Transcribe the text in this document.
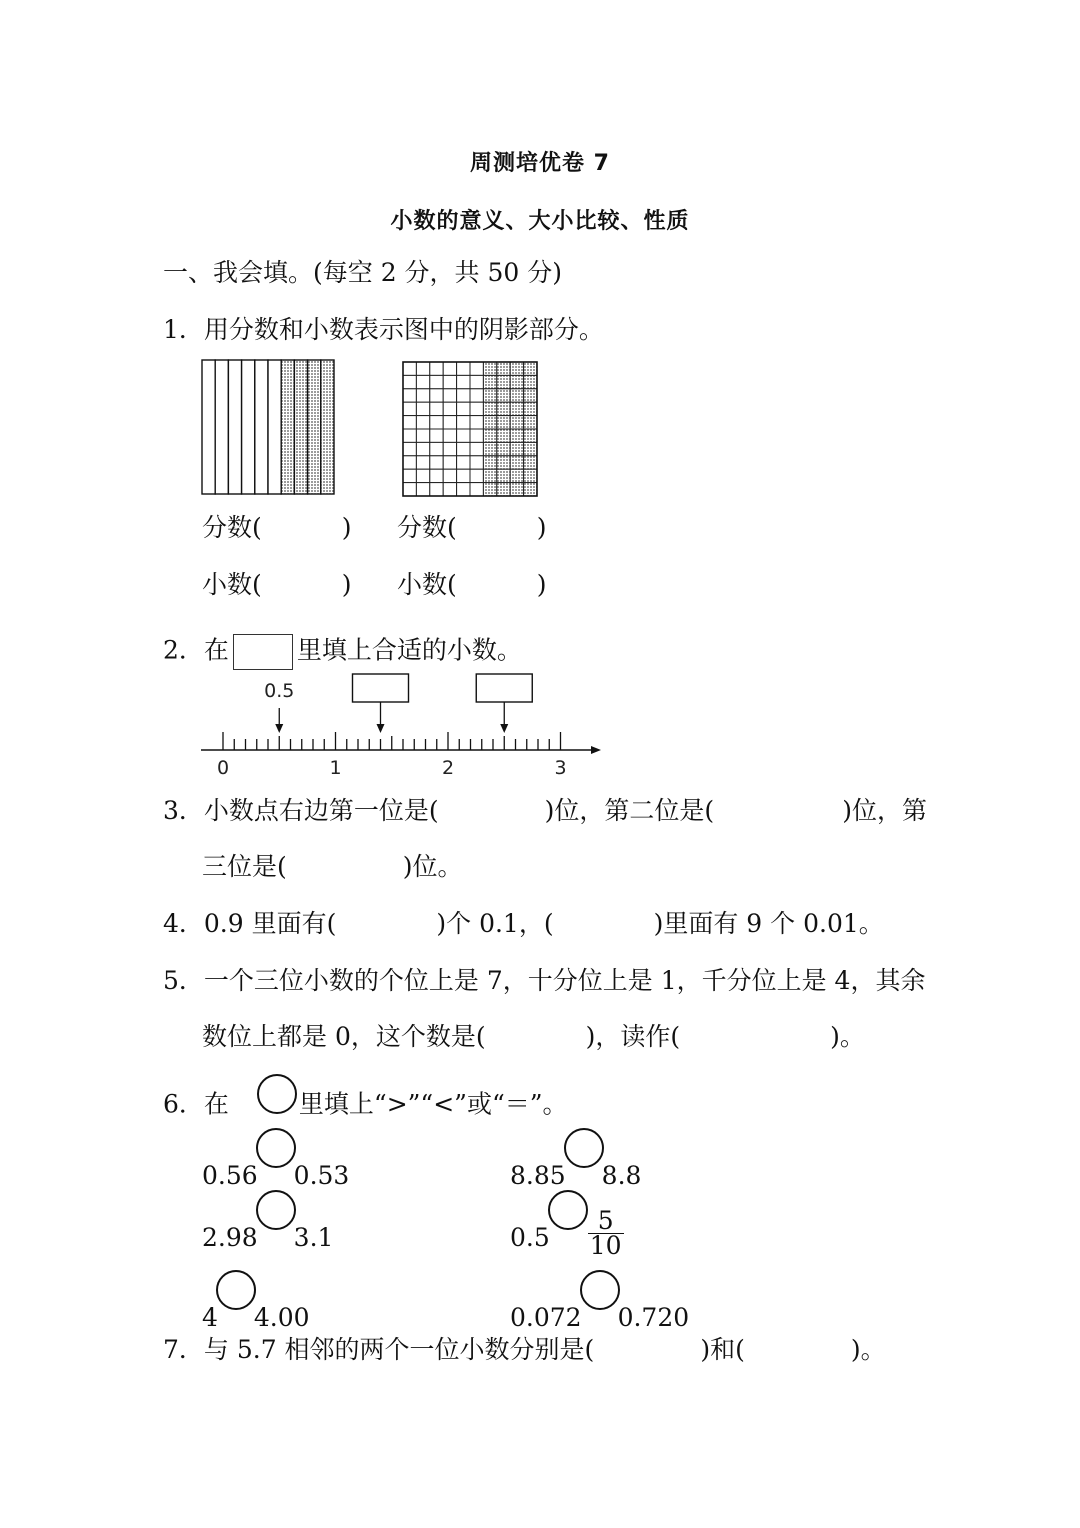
周测培优卷 7
小数的意义、大小比较、性质
一、我会填。(每空 2 分，共 50 分)
1．用分数和小数表示图中的阴影部分。
分数(	) 分数(	)
小数(	) 小数(	)
2．在	里填上合适的小数。
0	1	2	3
0.5
3．小数点右边第一位是(	)位，第二位是(	)位，第
三位是(	)位。
4．0.9 里面有(	)个 0.1，(	)里面有 9 个 0.01。
5．一个三位小数的个位上是 7，十分位上是 1，千分位上是 4，其余
数位上都是 0，这个数是(	)，读作(	)。
6．在	里填上“>”“<”或“＝”。
0.56 0.53	8.85 8.8
2.98 3.1	$0.5 \frac{5}{10}$
4 4.00	0.072 0.720
7．与 5.7 相邻的两个一位小数分别是(	)和(	)。
